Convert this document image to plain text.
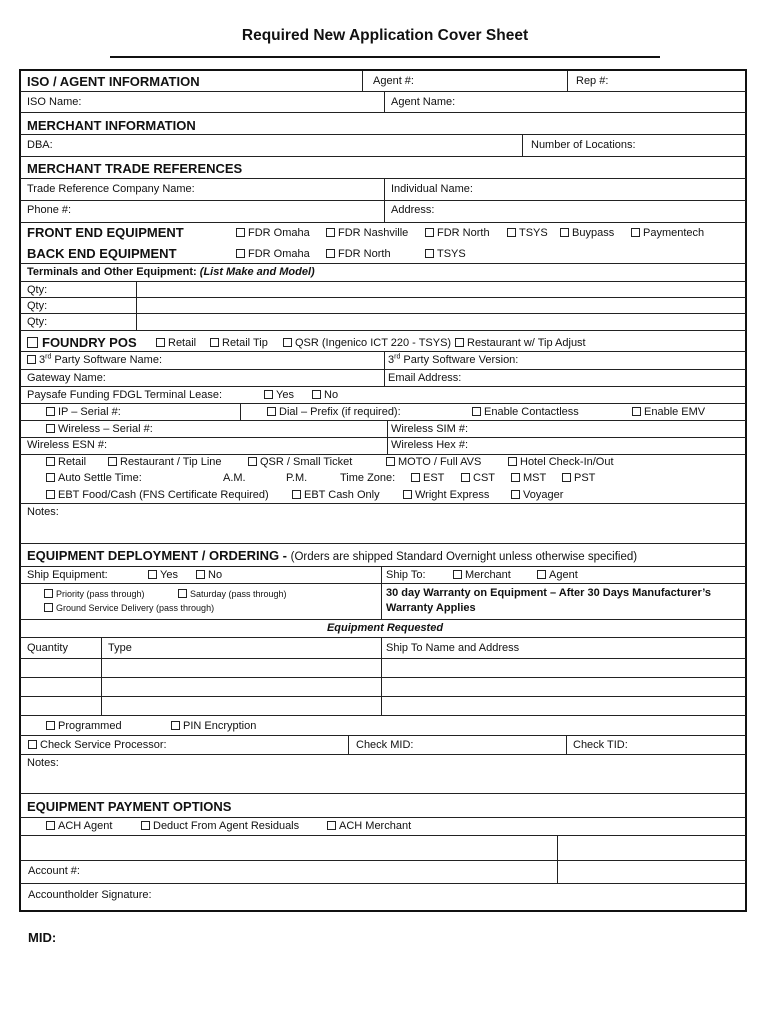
Required New Application Cover Sheet
ISO / AGENT INFORMATION	Agent #:	Rep #:
ISO Name:	Agent Name:
MERCHANT INFORMATION
DBA:	Number of Locations:
MERCHANT TRADE REFERENCES
Trade Reference Company Name:	Individual Name:
Phone #:	Address:
FRONT END EQUIPMENT	FDR Omaha	FDR Nashville	FDR North	TSYS	Buypass	Paymentech
BACK END EQUIPMENT	FDR Omaha	FDR North	TSYS
Terminals and Other Equipment: (List Make and Model)
Qty:
Qty:
Qty:
FOUNDRY POS	Retail	Retail Tip	QSR (Ingenico ICT 220 - TSYS)	Restaurant w/ Tip Adjust
3rd Party Software Name:	3rd Party Software Version:
Gateway Name:	Email Address:
Paysafe Funding FDGL Terminal Lease:	Yes	No
IP – Serial #:	Dial – Prefix (if required):	Enable Contactless	Enable EMV
Wireless – Serial #:	Wireless SIM #:
Wireless ESN #:	Wireless Hex #:
Retail	Restaurant / Tip Line	QSR / Small Ticket	MOTO / Full AVS	Hotel Check-In/Out
Auto Settle Time:	A.M.	P.M.	Time Zone:	EST	CST	MST	PST
EBT Food/Cash (FNS Certificate Required)	EBT Cash Only	Wright Express	Voyager
Notes:
EQUIPMENT DEPLOYMENT / ORDERING - (Orders are shipped Standard Overnight unless otherwise specified)
Ship Equipment:	Yes	No	Ship To:	Merchant	Agent
Priority (pass through)	Saturday (pass through)
Ground Service Delivery (pass through)
30 day Warranty on Equipment – After 30 Days Manufacturer’s
Warranty Applies
Equipment Requested
Quantity	Type	Ship To Name and Address
Programmed	PIN Encryption
Check Service Processor:	Check MID:	Check TID:
Notes:
EQUIPMENT PAYMENT OPTIONS
ACH Agent	Deduct From Agent Residuals	ACH Merchant
Account #:
Accountholder Signature:
MID:
